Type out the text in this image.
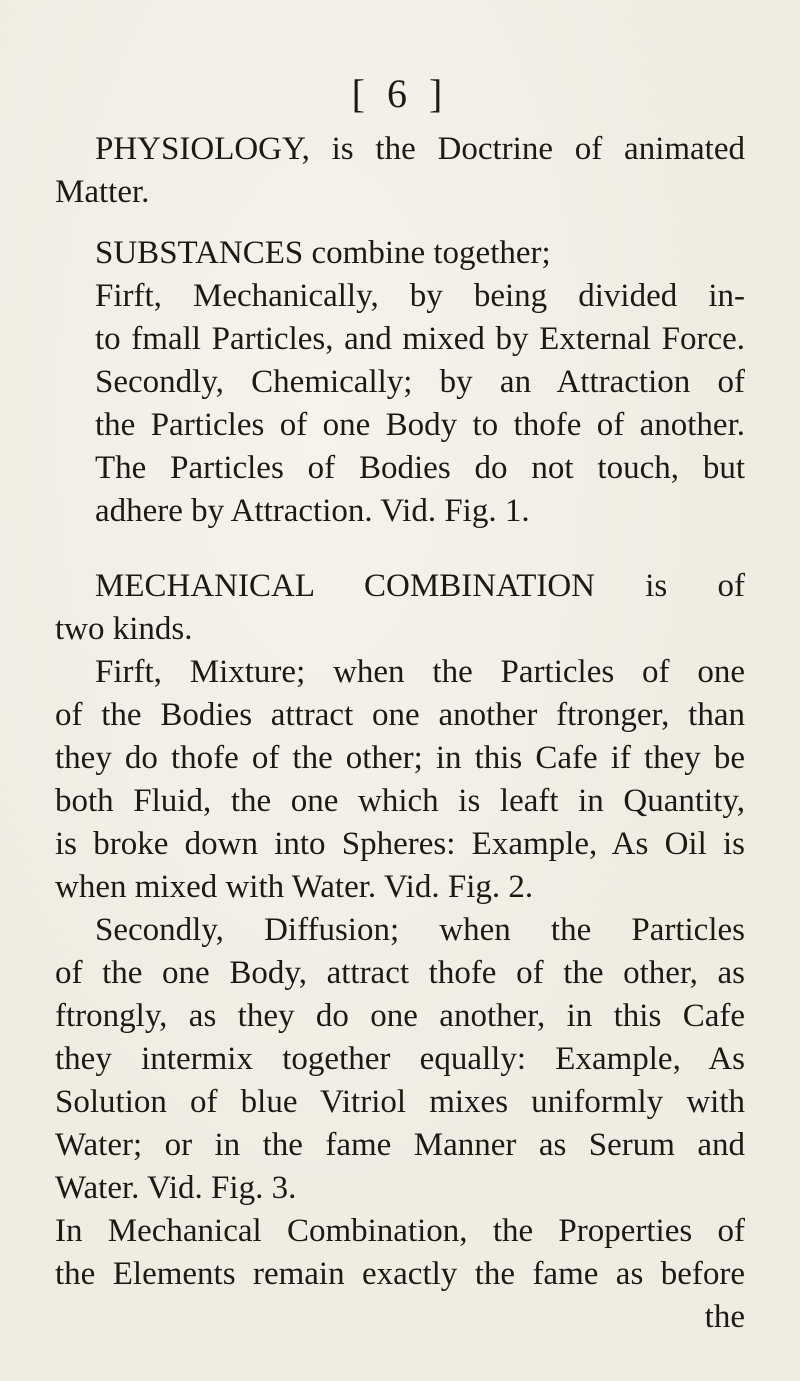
[ 6 ]
PHYSIOLOGY, is the Doctrine of animated
Matter.
SUBSTANCES combine together;
Firft, Mechanically, by being divided in-
to fmall Particles, and mixed by External Force.
Secondly, Chemically; by an Attraction of
the Particles of one Body to thofe of another.
The Particles of Bodies do not touch, but
adhere by Attraction. Vid. Fig. 1.
MECHANICAL COMBINATION is of
two kinds.
Firft, Mixture; when the Particles of one
of the Bodies attract one another ftronger, than
they do thofe of the other; in this Cafe if they be
both Fluid, the one which is leaft in Quantity,
is broke down into Spheres: Example, As Oil is
when mixed with Water. Vid. Fig. 2.
Secondly, Diffusion; when the Particles
of the one Body, attract thofe of the other, as
ftrongly, as they do one another, in this Cafe
they intermix together equally: Example, As
Solution of blue Vitriol mixes uniformly with
Water; or in the fame Manner as Serum and
Water. Vid. Fig. 3.
In Mechanical Combination, the Properties of
the Elements remain exactly the fame as before
the
